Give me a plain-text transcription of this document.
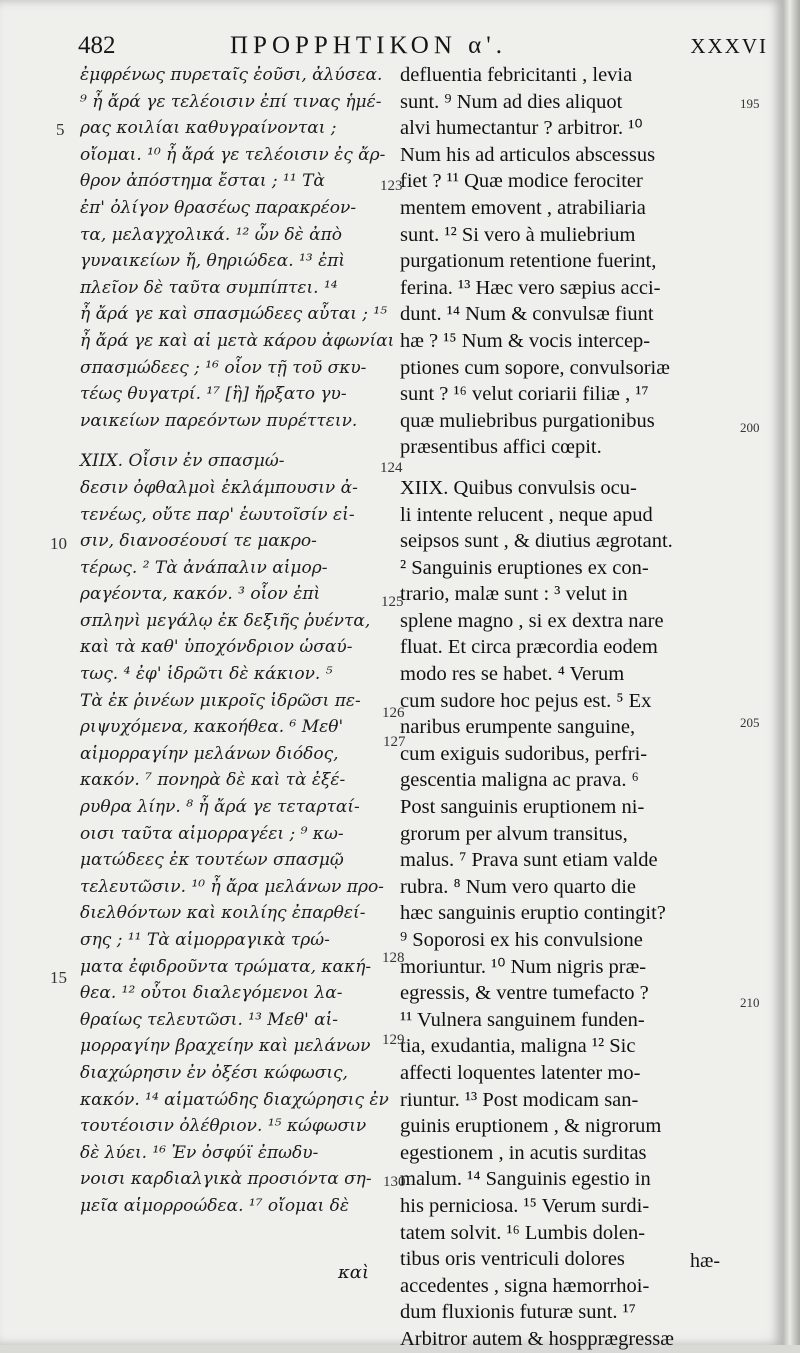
482	ΠΡΟΡΡΗΤΙΚΟΝ α'.	XXXVI
ἐμφρένως πυρεταῖς ἐοῦσι, ἀλύσεα.
⁹ ἦ ἄρά γε τελέοισιν ἐπί τινας ἡμέ-
ρας κοιλίαι καθυγραίνονται ;
οἴομαι. ¹⁰ ἦ ἄρά γε τελέοισιν ἐς ἄρ-
θρον ἀπόστημα ἔσται ; ¹¹ Τὰ
ἐπ' ὀλίγον θρασέως παρακρέον-
τα, μελαγχολικά. ¹² ὧν δὲ ἀπὸ
γυναικείων ἤ, θηριώδεα. ¹³ ἐπὶ
πλεῖον δὲ ταῦτα συμπίπτει. ¹⁴
ἦ ἄρά γε καὶ σπασμώδεες αὗται ; ¹⁵
ἦ ἄρά γε καὶ αἱ μετὰ κάρου ἀφωνίαι
σπασμώδεες ; ¹⁶ οἷον τῇ τοῦ σκυ-
τέως θυγατρί. ¹⁷ [ἣ] ἤρξατο γυ-
ναικείων παρεόντων πυρέττειν.
ΧΙΙΧ. Οἷσιν ἐν σπασμώ-
δεσιν ὀφθαλμοὶ ἐκλάμπουσιν ἀ-
τενέως, οὔτε παρ' ἑωυτοῖσίν εἰ-
σιν, διανοσέουσί τε μακρο-
τέρως. ² Τὰ ἀνάπαλιν αἱμορ-
ραγέοντα, κακόν. ³ οἷον ἐπὶ
σπληνὶ μεγάλῳ ἐκ δεξιῆς ῥυέντα,
καὶ τὰ καθ' ὑποχόνδριον ὡσαύ-
τως. ⁴ ἐφ' ἱδρῶτι δὲ κάκιον. ⁵
Τὰ ἐκ ῥινέων μικροῖς ἱδρῶσι πε-
ριψυχόμενα, κακοήθεα. ⁶ Μεθ'
αἱμορραγίην μελάνων διόδος,
κακόν. ⁷ πονηρὰ δὲ καὶ τὰ ἐξέ-
ρυθρα λίην. ⁸ ἦ ἄρά γε τεταρταί-
οισι ταῦτα αἱμορραγέει ; ⁹ κω-
ματώδεες ἐκ τουτέων σπασμῷ
τελευτῶσιν. ¹⁰ ἦ ἄρα μελάνων προ-
διελθόντων καὶ κοιλίης ἐπαρθεί-
σης ; ¹¹ Τὰ αἱμορραγικὰ τρώ-
ματα ἐφιδροῦντα τρώματα, κακή-
θεα. ¹² οὗτοι διαλεγόμενοι λα-
θραίως τελευτῶσι. ¹³ Μεθ' αἱ-
μορραγίην βραχείην καὶ μελάνων
διαχώρησιν ἐν ὀξέσι κώφωσις,
κακόν. ¹⁴ αἱματώδης διαχώρησις ἐν
τουτέοισιν ὀλέθριον. ¹⁵ κώφωσιν
δὲ λύει. ¹⁶ Ἐν ὀσφύϊ ἐπωδυ-
νοισι καρδιαλγικὰ προσιόντα ση-
μεῖα αἱμορροώδεα. ¹⁷ οἴομαι δὲ
defluentia febricitanti , levia
sunt. ⁹ Num ad dies aliquot
alvi humectantur ? arbitror. ¹⁰
Num his ad articulos abscessus
fiet ? ¹¹ Quæ modice ferociter
mentem emovent , atrabiliaria
sunt. ¹² Si vero à muliebrium
purgationum retentione fuerint,
ferina. ¹³ Hæc vero sæpius acci-
dunt. ¹⁴ Num & convulsæ fiunt
hæ ? ¹⁵ Num & vocis intercep-
ptiones cum sopore, convulsoriæ
sunt ? ¹⁶ velut coriarii filiæ , ¹⁷
quæ muliebribus purgationibus
præsentibus affici cœpit.
XIIX. Quibus convulsis ocu-
li intente relucent , neque apud
seipsos sunt , & diutius ægrotant.
² Sanguinis eruptiones ex con-
trario, malæ sunt : ³ velut in
splene magno , si ex dextra nare
fluat. Et circa præcordia eodem
modo res se habet. ⁴ Verum
cum sudore hoc pejus est. ⁵ Ex
naribus erumpente sanguine,
cum exiguis sudoribus, perfri-
gescentia maligna ac prava. ⁶
Post sanguinis eruptionem ni-
grorum per alvum transitus,
malus. ⁷ Prava sunt etiam valde
rubra. ⁸ Num vero quarto die
hæc sanguinis eruptio contingit?
⁹ Soporosi ex his convulsione
moriuntur. ¹⁰ Num nigris præ-
egressis, & ventre tumefacto ?
¹¹ Vulnera sanguinem funden-
tia, exudantia, maligna ¹² Sic
affecti loquentes latenter mo-
riuntur. ¹³ Post modicam san-
guinis eruptionem , & nigrorum
egestionem , in acutis surditas
malum. ¹⁴ Sanguinis egestio in
his perniciosa. ¹⁵ Verum surdi-
tatem solvit. ¹⁶ Lumbis dolen-
tibus oris ventriculi dolores
accedentes , signa hæmorrhoi-
dum fluxionis futuræ sunt. ¹⁷
Arbitror autem & hospprægressæ
5
10
15
123
124
125
126
127
128
129
130
195
200
205
210
καὶ
hæ-
